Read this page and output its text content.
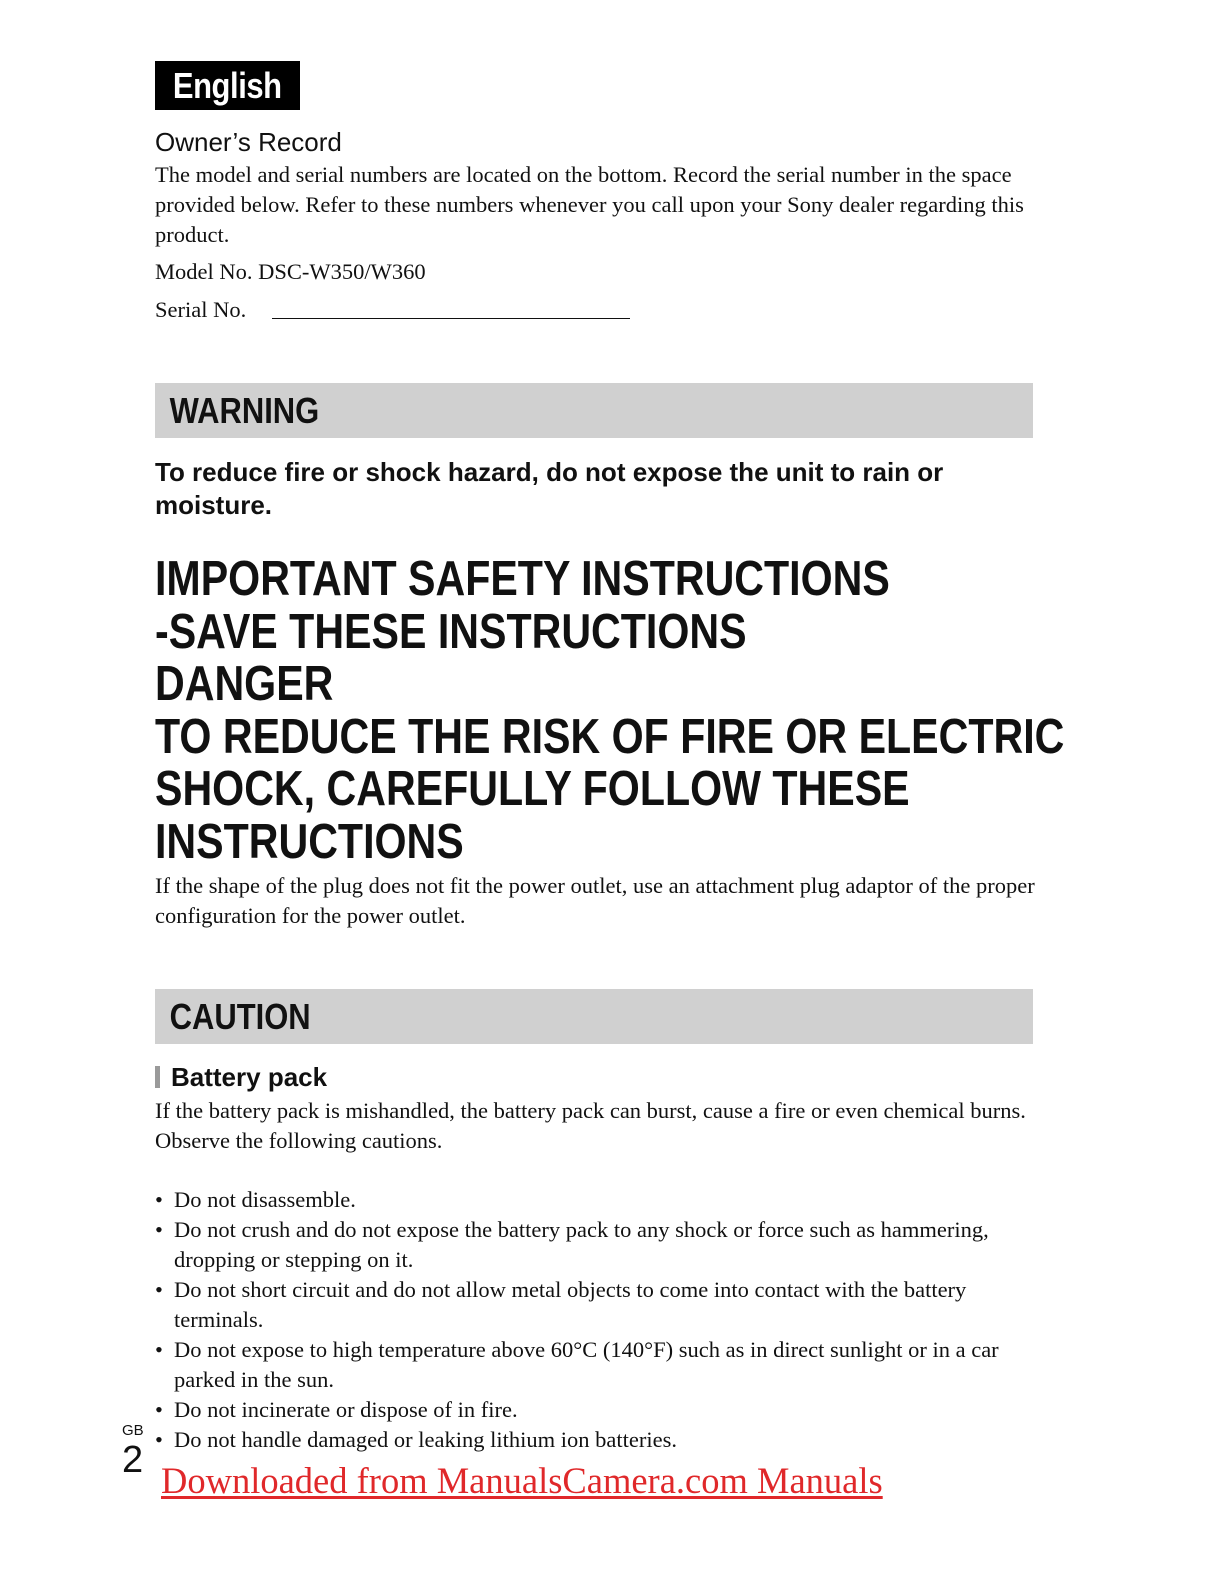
English
Owner’s Record
The model and serial numbers are located on the bottom. Record the serial number in the space provided below. Refer to these numbers whenever you call upon your Sony dealer regarding this product.
Model No. DSC-W350/W360
Serial No.
WARNING
To reduce fire or shock hazard, do not expose the unit to rain or moisture.
IMPORTANT SAFETY INSTRUCTIONS
-SAVE THESE INSTRUCTIONS
DANGER
TO REDUCE THE RISK OF FIRE OR ELECTRIC
SHOCK, CAREFULLY FOLLOW THESE
INSTRUCTIONS
If the shape of the plug does not fit the power outlet, use an attachment plug adaptor of the proper configuration for the power outlet.
CAUTION
Battery pack
If the battery pack is mishandled, the battery pack can burst, cause a fire or even chemical burns. Observe the following cautions.
• Do not disassemble.
• Do not crush and do not expose the battery pack to any shock or force such as hammering, dropping or stepping on it.
• Do not short circuit and do not allow metal objects to come into contact with the battery terminals.
• Do not expose to high temperature above 60°C (140°F) such as in direct sunlight or in a car parked in the sun.
• Do not incinerate or dispose of in fire.
• Do not handle damaged or leaking lithium ion batteries.
GB
2 Downloaded from ManualsCamera.com Manuals
